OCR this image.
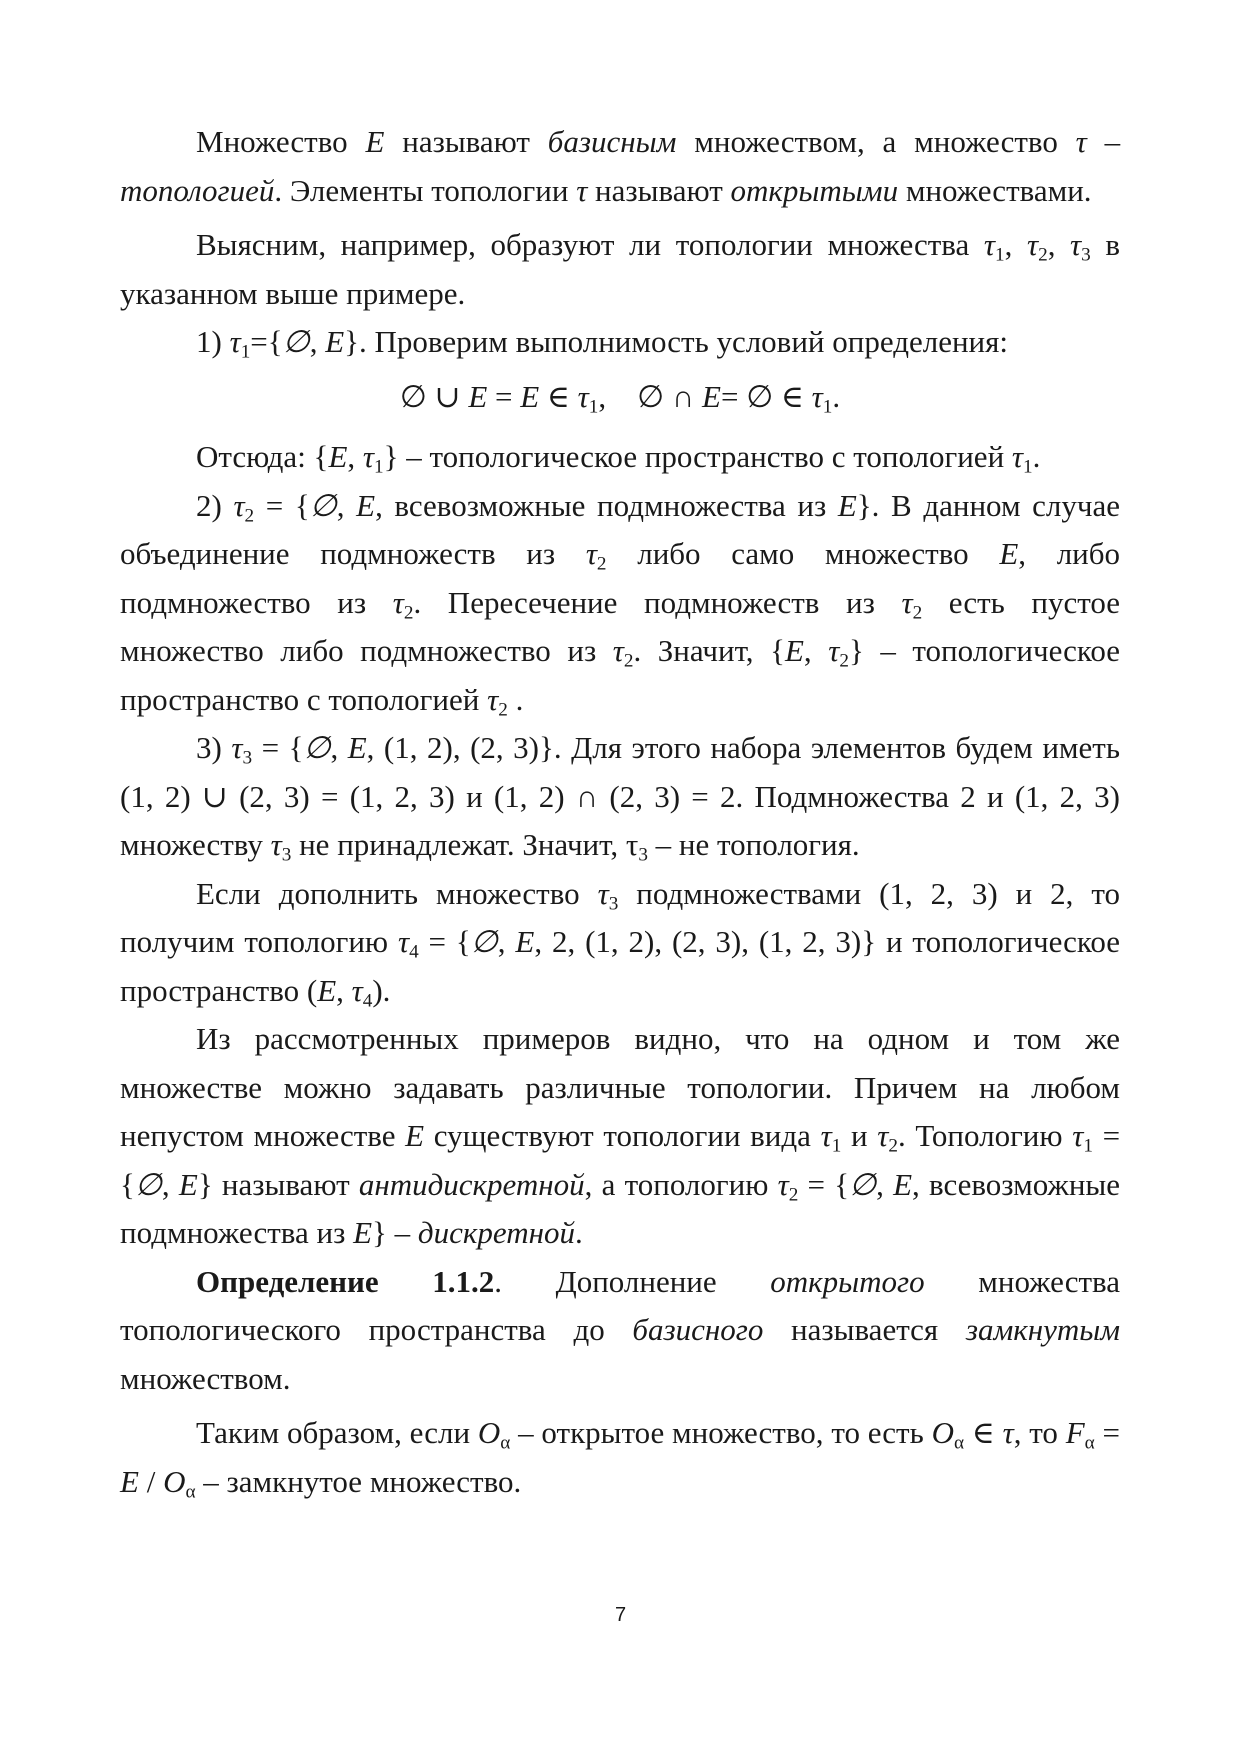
Множество E называют базисным множеством, а множество τ – топологией. Элементы топологии τ называют открытыми множествами.

Выясним, например, образуют ли топологии множества $\tau_1$, $\tau_2$, $\tau_3$ в указанном выше примере.

1) $\tau_1=\{\emptyset$, E}. Проверим выполнимость условий определения:

∅ ∪ E = E ∈ $\tau_1$, ∅ ∩ E= ∅ ∈ $\tau_1$.

Отсюда: {E, $\tau_1$} – топологическое пространство с топологией $\tau_1$.

2) $\tau_2$ = {∅, E, всевозможные подмножества из E}. В данном случае объединение подмножеств из $\tau_2$ либо само множество E, либо подмножество из $\tau_2$. Пересечение подмножеств из $\tau_2$ есть пустое множество либо подмножество из $\tau_2$. Значит, {E, $\tau_2$} – топологическое пространство с топологией $\tau_2$ .

3) $\tau_3$ = {∅, E, (1, 2), (2, 3)}. Для этого набора элементов будем иметь (1, 2) ∪ (2, 3) = (1, 2, 3) и (1, 2) ∩ (2, 3) = 2. Подмножества 2 и (1, 2, 3) множеству $\tau_3$ не принадлежат. Значит, $\tau_3$ – не топология.

Если дополнить множество $\tau_3$ подмножествами (1, 2, 3) и 2, то получим топологию $\tau_4$ = {∅, E, 2, (1, 2), (2, 3), (1, 2, 3)} и топологическое пространство (E, $\tau_4$).

Из рассмотренных примеров видно, что на одном и том же множестве можно задавать различные топологии. Причем на любом непустом множестве E существуют топологии вида $\tau_1$ и $\tau_2$. Топологию $\tau_1$ = {∅, E} называют антидискретной, а топологию $\tau_2$ = {∅, E, всевозможные подмножества из E} – дискретной.

Определение 1.1.2. Дополнение открытого множества топологического пространства до базисного называется замкнутым множеством.

Таким образом, если $O_\alpha$ – открытое множество, то есть $O_\alpha$ ∈ τ, то $F_\alpha = E / O_\alpha$ – замкнутое множество.

7
